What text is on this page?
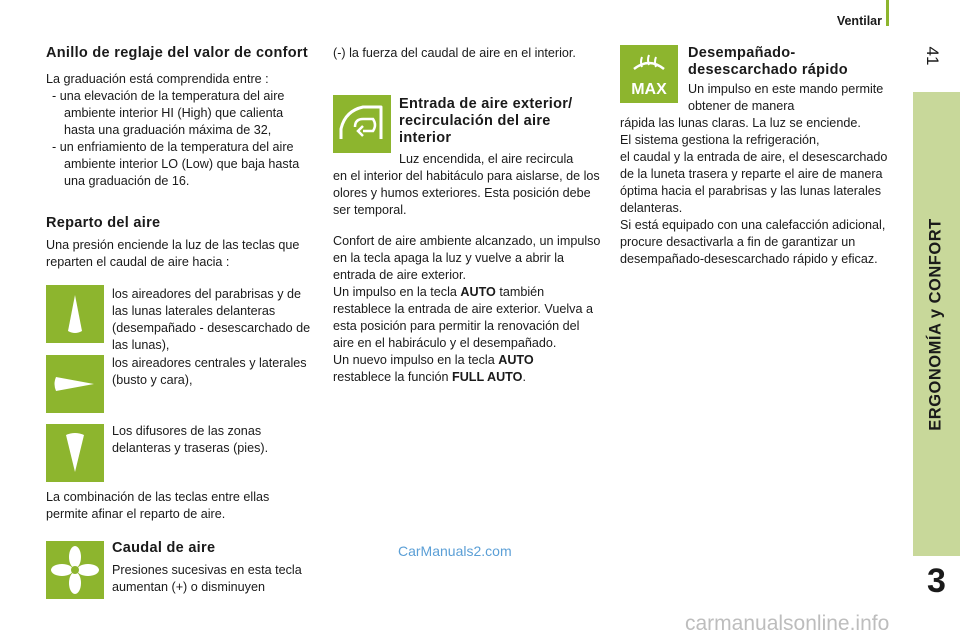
Ventilar
41
ERGONOMÍA y CONFORT
3

Anillo de reglaje del valor de confort

La graduación está comprendida entre :

- una elevación de la temperatura del aire ambiente interior HI (High) que calienta hasta una graduación máxima de 32,

- un enfriamiento de la temperatura del aire ambiente interior LO (Low) que baja hasta una graduación de 16.

Reparto del aire

Una presión enciende la luz de las teclas que reparten el caudal de aire hacia :

los aireadores del parabrisas y de las lunas laterales delanteras (desempañado - desescarchado de las lunas),

los aireadores centrales y laterales (busto y cara),

Los difusores de las zonas delanteras y traseras (pies).

La combinación de las teclas entre ellas permite afinar el reparto de aire.

Caudal de aire

Presiones sucesivas en esta tecla aumentan (+) o disminuyen

(-) la fuerza del caudal de aire en el interior.

Entrada de aire exterior/ recirculación del aire interior

Luz encendida, el aire recircula

en el interior del habitáculo para aislarse, de los olores y humos exteriores. Esta posición debe ser temporal.

Confort de aire ambiente alcanzado, un impulso en la tecla apaga la luz y vuelve a abrir la entrada de aire exterior.

Un impulso en la tecla AUTO también restablece la entrada de aire exterior. Vuelva a esta posición para permitir la renovación del aire en el habiráculo y el desempañado.

Un nuevo impulso en la tecla AUTO

restablece la función FULL AUTO.

MAX

Desempañado- desescarchado rápido

Un impulso en este mando permite obtener de manera

rápida las lunas claras. La luz se enciende.

El sistema gestiona la refrigeración,

el caudal y la entrada de aire, el desescarchado de la luneta trasera y reparte el aire de manera óptima hacia el parabrisas y las lunas laterales delanteras.

Si está equipado con una calefacción adicional, procure desactivarla a fin de garantizar un desempañado-desescarchado rápido y eficaz.

CarManuals2.com
carmanualsonline.info
